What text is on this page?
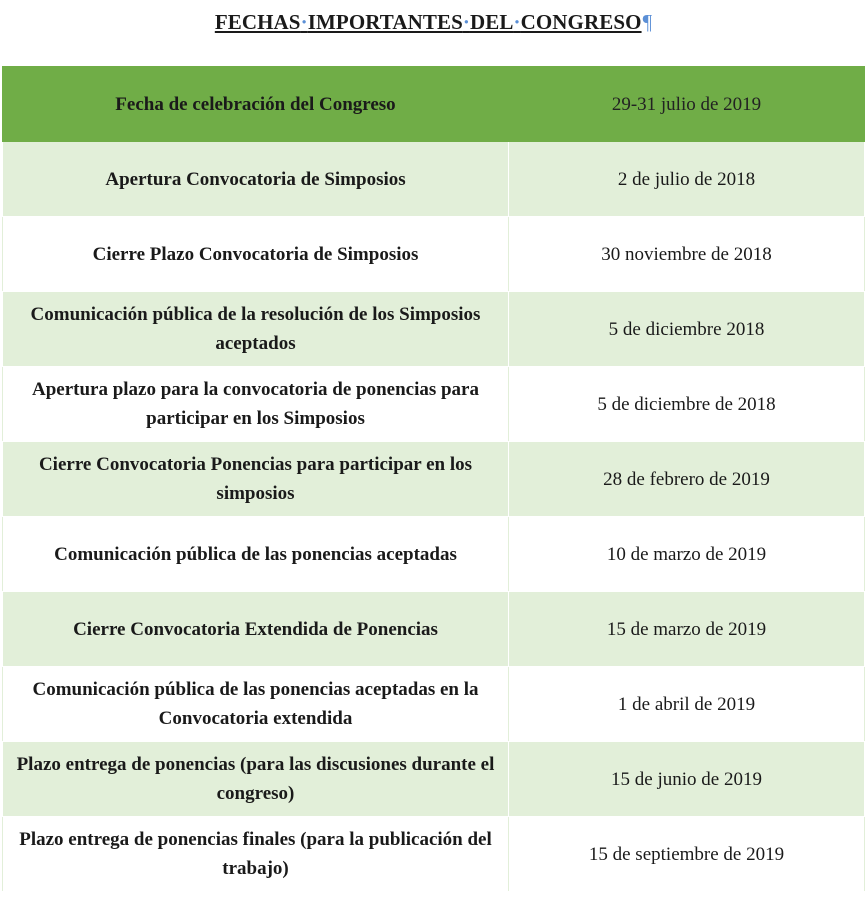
FECHAS·IMPORTANTES·DEL·CONGRESO¶
Fecha de celebración del Congreso	29-31 julio de 2019
Apertura Convocatoria de Simposios	2 de julio de 2018
Cierre Plazo Convocatoria de Simposios	30 noviembre de 2018
Comunicación pública de la resolución de los Simposios aceptados	5 de diciembre 2018
Apertura plazo para la convocatoria de ponencias para participar en los Simposios	5 de diciembre de 2018
Cierre Convocatoria Ponencias para participar en los simposios	28 de febrero de 2019
Comunicación pública de las ponencias aceptadas	10 de marzo de 2019
Cierre Convocatoria Extendida de Ponencias	15 de marzo de 2019
Comunicación pública de las ponencias aceptadas en la Convocatoria extendida	1 de abril de 2019
Plazo entrega de ponencias (para las discusiones durante el congreso)	15 de junio de 2019
Plazo entrega de ponencias finales (para la publicación del trabajo)	15 de septiembre de 2019
